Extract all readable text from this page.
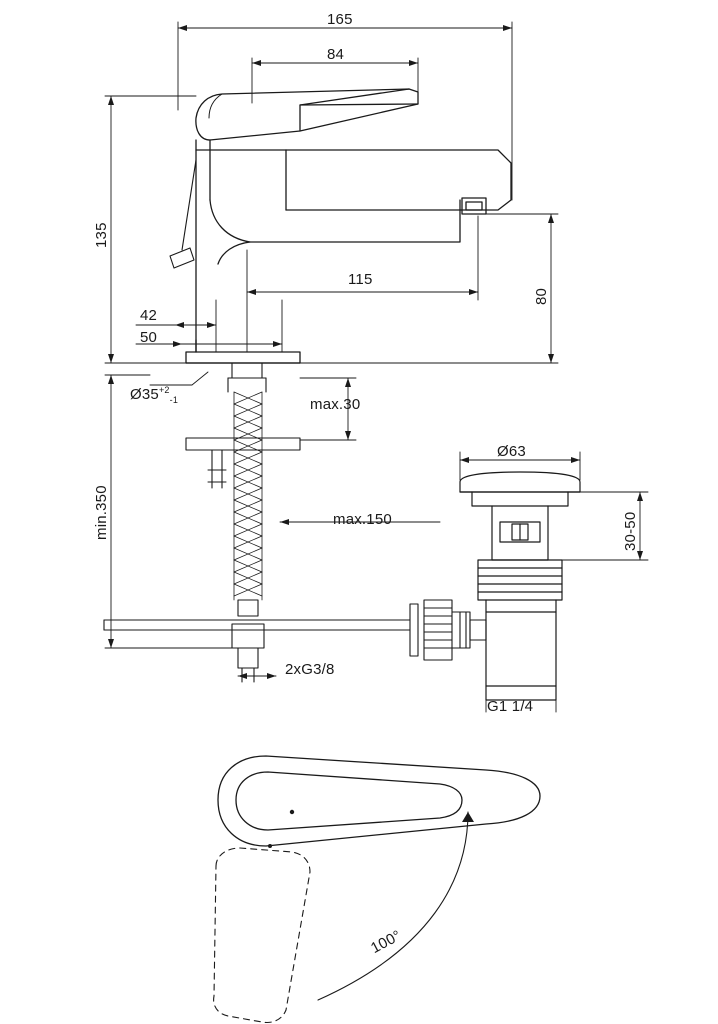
165
84
135
115
80
42
50
$Ø35^{+2}_{-1}$	max.30
min.350	max.150
2xG3/8
Ø63
30-50
G1 1/4
100°
